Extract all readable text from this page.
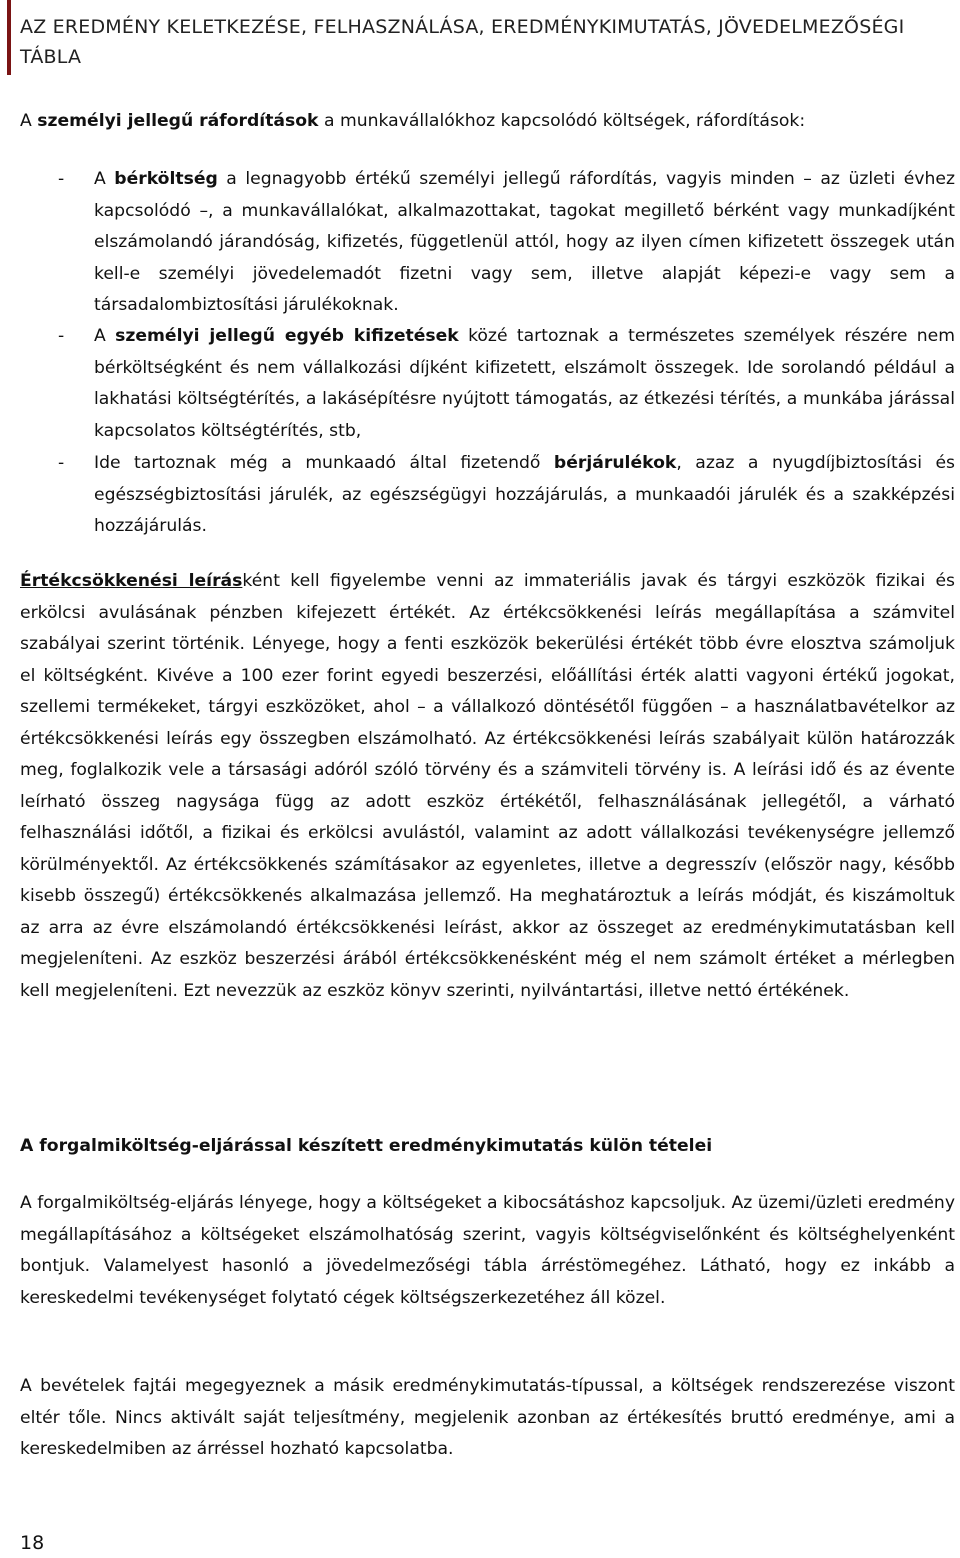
AZ EREDMÉNY KELETKEZÉSE, FELHASZNÁLÁSA, EREDMÉNYKIMUTATÁS, JÖVEDELMEZŐSÉGI TÁBLA
A személyi jellegű ráfordítások a munkavállalókhoz kapcsolódó költségek, ráfordítások:
- A bérköltség a legnagyobb értékű személyi jellegű ráfordítás, vagyis minden – az üzleti évhez kapcsolódó –, a munkavállalókat, alkalmazottakat, tagokat megillető bérként vagy munkadíjként elszámolandó járandóság, kifizetés, függetlenül attól, hogy az ilyen címen kifizetett összegek után kell-e személyi jövedelemadót fizetni vagy sem, illetve alapját képezi-e vagy sem a társadalombiztosítási járulékoknak.
- A személyi jellegű egyéb kifizetések közé tartoznak a természetes személyek részére nem bérköltségként és nem vállalkozási díjként kifizetett, elszámolt összegek. Ide sorolandó például a lakhatási költségtérítés, a lakásépítésre nyújtott támogatás, az étkezési térítés, a munkába járással kapcsolatos költségtérítés, stb,
- Ide tartoznak még a munkaadó által fizetendő bérjárulékok, azaz a nyugdíjbiztosítási és egészségbiztosítási járulék, az egészségügyi hozzájárulás, a munkaadói járulék és a szakképzési hozzájárulás.
Értékcsökkenési leírásként kell figyelembe venni az immateriális javak és tárgyi eszközök fizikai és erkölcsi avulásának pénzben kifejezett értékét. Az értékcsökkenési leírás megállapítása a számvitel szabályai szerint történik. Lényege, hogy a fenti eszközök bekerülési értékét több évre elosztva számoljuk el költségként. Kivéve a 100 ezer forint egyedi beszerzési, előállítási érték alatti vagyoni értékű jogokat, szellemi termékeket, tárgyi eszközöket, ahol – a vállalkozó döntésétől függően – a használatbavételkor az értékcsökkenési leírás egy összegben elszámolható. Az értékcsökkenési leírás szabályait külön határozzák meg, foglalkozik vele a társasági adóról szóló törvény és a számviteli törvény is. A leírási idő és az évente leírható összeg nagysága függ az adott eszköz értékétől, felhasználásának jellegétől, a várható felhasználási időtől, a fizikai és erkölcsi avulástól, valamint az adott vállalkozási tevékenységre jellemző körülményektől. Az értékcsökkenés számításakor az egyenletes, illetve a degresszív (először nagy, később kisebb összegű) értékcsökkenés alkalmazása jellemző. Ha meghatároztuk a leírás módját, és kiszámoltuk az arra az évre elszámolandó értékcsökkenési leírást, akkor az összeget az eredménykimutatásban kell megjeleníteni. Az eszköz beszerzési árából értékcsökkenésként még el nem számolt értéket a mérlegben kell megjeleníteni. Ezt nevezzük az eszköz könyv szerinti, nyilvántartási, illetve nettó értékének.
A forgalmiköltség-eljárással készített eredménykimutatás külön tételei
A forgalmiköltség-eljárás lényege, hogy a költségeket a kibocsátáshoz kapcsoljuk. Az üzemi/üzleti eredmény megállapításához a költségeket elszámolhatóság szerint, vagyis költségviselőnként és költséghelyenként bontjuk. Valamelyest hasonló a jövedelmezőségi tábla árréstömegéhez. Látható, hogy ez inkább a kereskedelmi tevékenységet folytató cégek költségszerkezetéhez áll közel.
A bevételek fajtái megegyeznek a másik eredménykimutatás-típussal, a költségek rendszerezése viszont eltér tőle. Nincs aktivált saját teljesítmény, megjelenik azonban az értékesítés bruttó eredménye, ami a kereskedelmiben az árréssel hozható kapcsolatba.
18
